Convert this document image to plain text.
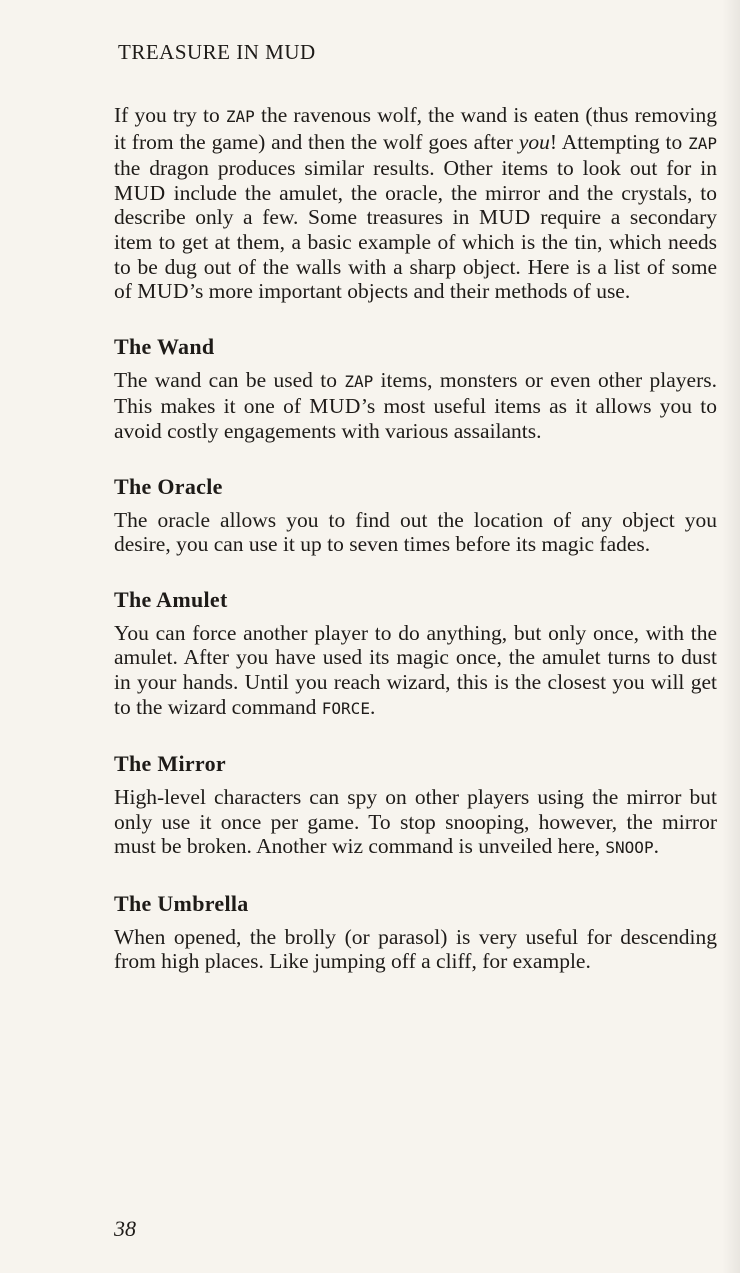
TREASURE IN MUD

If you try to ZAP the ravenous wolf, the wand is eaten (thus removing it from the game) and then the wolf goes after you! Attempting to ZAP the dragon produces similar results. Other items to look out for in MUD include the amulet, the oracle, the mirror and the crystals, to describe only a few. Some treasures in MUD require a secondary item to get at them, a basic example of which is the tin, which needs to be dug out of the walls with a sharp object. Here is a list of some of MUD’s more important objects and their methods of use.

The Wand

The wand can be used to ZAP items, monsters or even other players. This makes it one of MUD’s most useful items as it allows you to avoid costly engagements with various assailants.

The Oracle

The oracle allows you to find out the location of any object you desire, you can use it up to seven times before its magic fades.

The Amulet

You can force another player to do anything, but only once, with the amulet. After you have used its magic once, the amulet turns to dust in your hands. Until you reach wizard, this is the closest you will get to the wizard command FORCE.

The Mirror

High-level characters can spy on other players using the mirror but only use it once per game. To stop snooping, however, the mirror must be broken. Another wiz command is unveiled here, SNOOP.

The Umbrella

When opened, the brolly (or parasol) is very useful for descending from high places. Like jumping off a cliff, for example.

38
